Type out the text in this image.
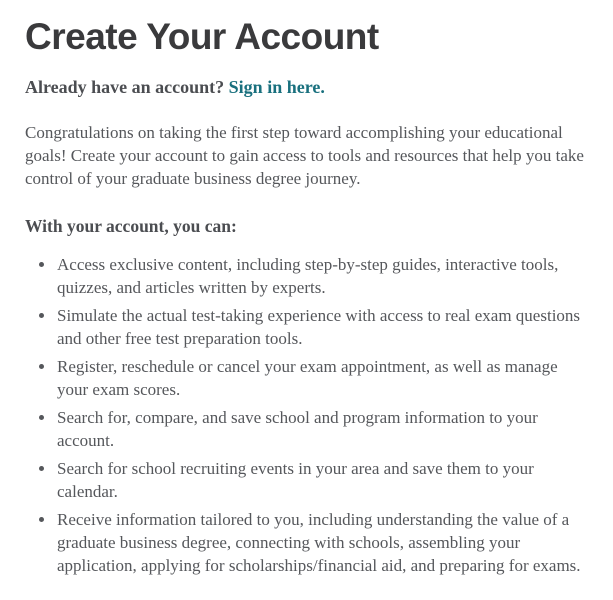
Create Your Account

Already have an account? Sign in here.

Congratulations on taking the first step toward accomplishing your educational goals! Create your account to gain access to tools and resources that help you take control of your graduate business degree journey.

With your account, you can:

• Access exclusive content, including step-by-step guides, interactive tools, quizzes, and articles written by experts.
• Simulate the actual test-taking experience with access to real exam questions and other free test preparation tools.
• Register, reschedule or cancel your exam appointment, as well as manage your exam scores.
• Search for, compare, and save school and program information to your account.
• Search for school recruiting events in your area and save them to your calendar.
• Receive information tailored to you, including understanding the value of a graduate business degree, connecting with schools, assembling your application, applying for scholarships/financial aid, and preparing for exams.
